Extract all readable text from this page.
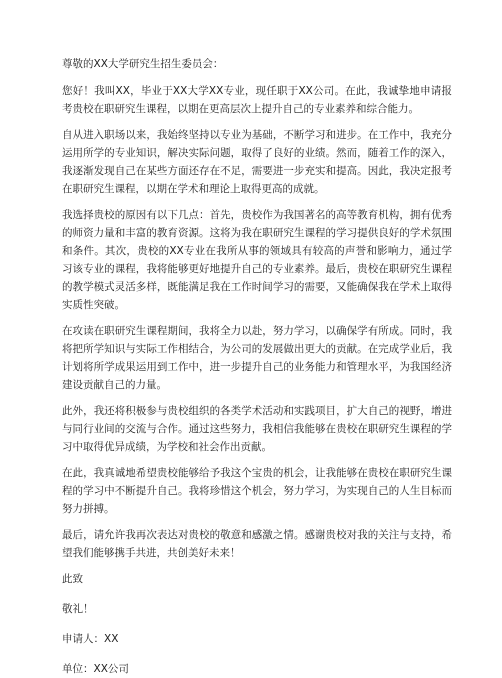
尊敬的XX大学研究生招生委员会：
您好！我叫XX，毕业于XX大学XX专业，现任职于XX公司。在此，我诚挚地申请报考贵校在职研究生课程，以期在更高层次上提升自己的专业素养和综合能力。
自从进入职场以来，我始终坚持以专业为基础，不断学习和进步。在工作中，我充分运用所学的专业知识，解决实际问题，取得了良好的业绩。然而，随着工作的深入，我逐渐发现自己在某些方面还存在不足，需要进一步充实和提高。因此，我决定报考在职研究生课程，以期在学术和理论上取得更高的成就。
我选择贵校的原因有以下几点：首先，贵校作为我国著名的高等教育机构，拥有优秀的师资力量和丰富的教育资源。这将为我在职研究生课程的学习提供良好的学术氛围和条件。其次，贵校的XX专业在我所从事的领域具有较高的声誉和影响力，通过学习该专业的课程，我将能够更好地提升自己的专业素养。最后，贵校在职研究生课程的教学模式灵活多样，既能满足我在工作时间学习的需要，又能确保我在学术上取得实质性突破。
在攻读在职研究生课程期间，我将全力以赴，努力学习，以确保学有所成。同时，我将把所学知识与实际工作相结合，为公司的发展做出更大的贡献。在完成学业后，我计划将所学成果运用到工作中，进一步提升自己的业务能力和管理水平，为我国经济建设贡献自己的力量。
此外，我还将积极参与贵校组织的各类学术活动和实践项目，扩大自己的视野，增进与同行业间的交流与合作。通过这些努力，我相信我能够在贵校在职研究生课程的学习中取得优异成绩，为学校和社会作出贡献。
在此，我真诚地希望贵校能够给予我这个宝贵的机会，让我能够在贵校在职研究生课程的学习中不断提升自己。我将珍惜这个机会，努力学习，为实现自己的人生目标而努力拼搏。
最后，请允许我再次表达对贵校的敬意和感激之情。感谢贵校对我的关注与支持，希望我们能够携手共进，共创美好未来！
此致
敬礼！
申请人：XX
单位：XX公司
